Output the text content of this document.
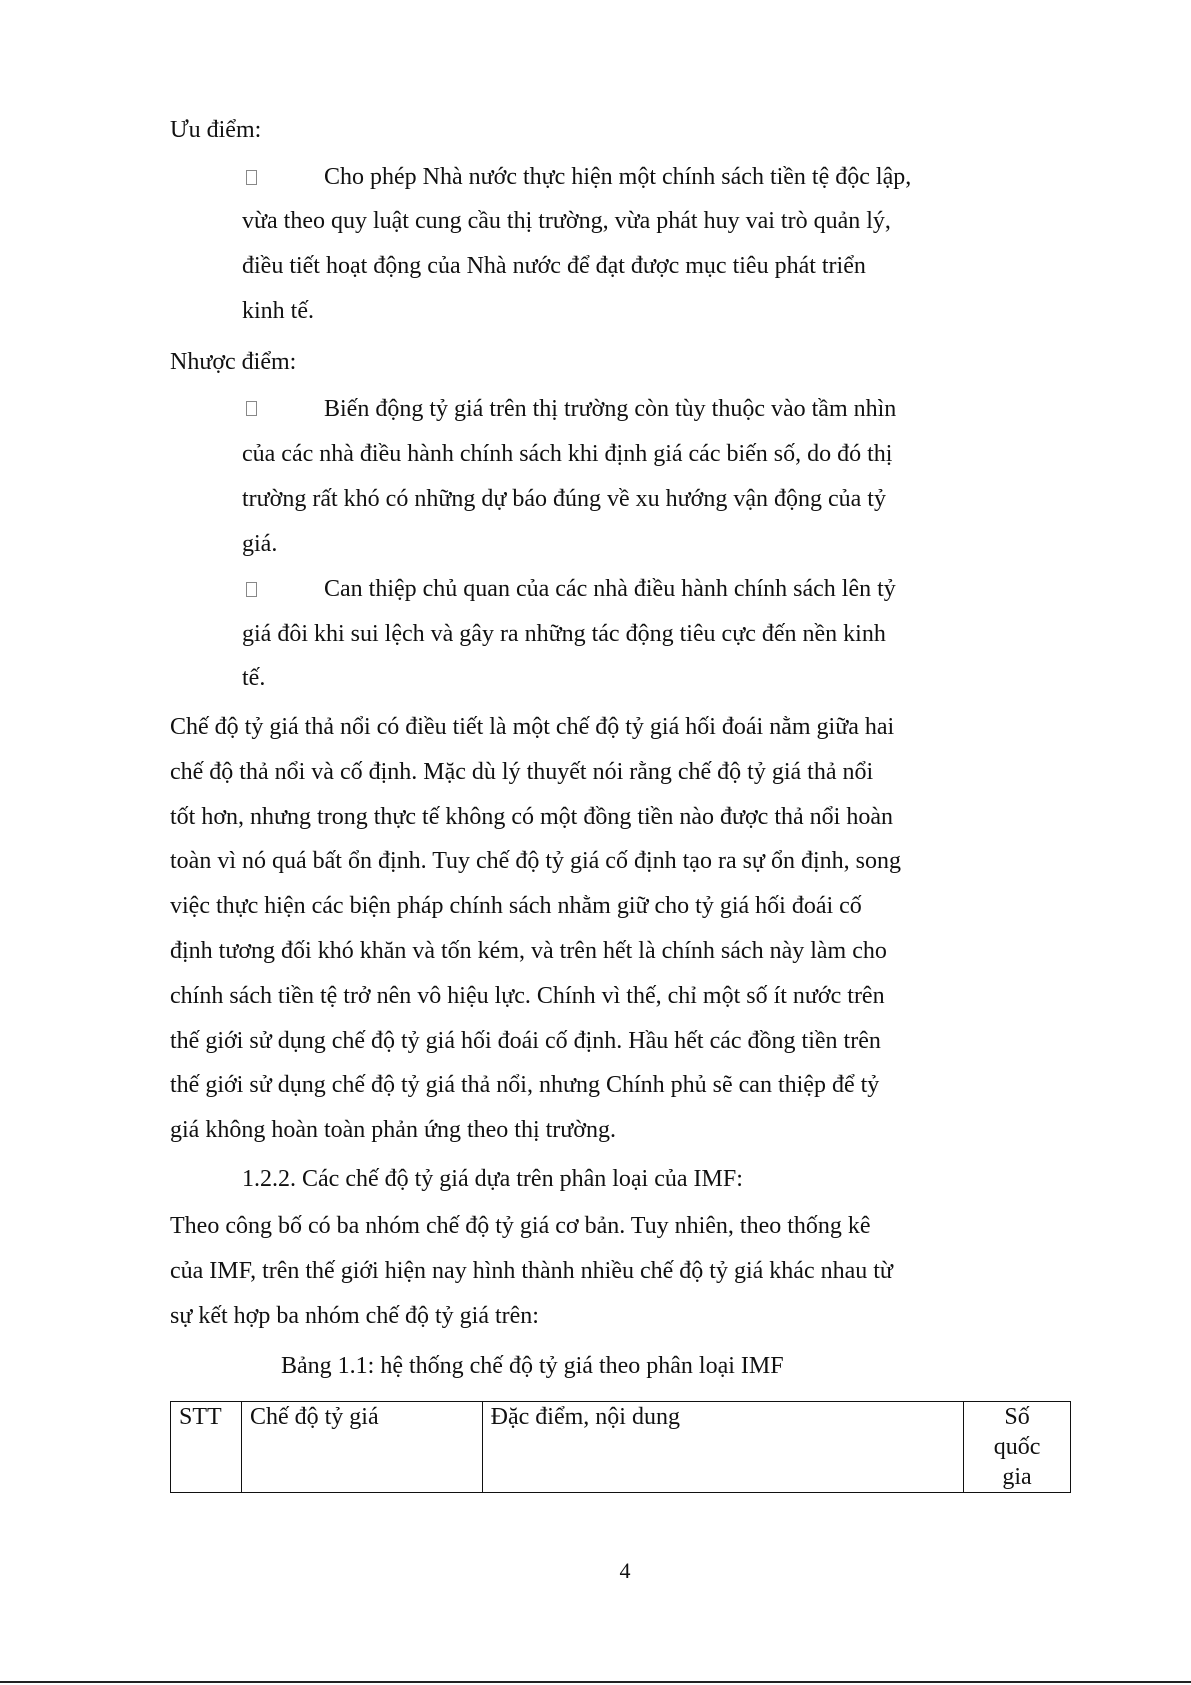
Ưu điểm:
Cho phép Nhà nước thực hiện một chính sách tiền tệ độc lập,
vừa theo quy luật cung cầu thị trường, vừa phát huy vai trò quản lý,
điều tiết hoạt động của Nhà nước để đạt được mục tiêu phát triển
kinh tế.
Nhược điểm:
Biến động tỷ giá trên thị trường còn tùy thuộc vào tầm nhìn
của các nhà điều hành chính sách khi định giá các biến số, do đó thị
trường rất khó có những dự báo đúng về xu hướng vận động của tỷ
giá.
Can thiệp chủ quan của các nhà điều hành chính sách lên tỷ
giá đôi khi sui lệch và gây ra những tác động tiêu cực đến nền kinh
tế.
Chế độ tỷ giá thả nổi có điều tiết là một chế độ tỷ giá hối đoái nằm giữa hai
chế độ thả nổi và cố định. Mặc dù lý thuyết nói rằng chế độ tỷ giá thả nổi
tốt hơn, nhưng trong thực tế không có một đồng tiền nào được thả nổi hoàn
toàn vì nó quá bất ổn định. Tuy chế độ tỷ giá cố định tạo ra sự ổn định, song
việc thực hiện các biện pháp chính sách nhằm giữ cho tỷ giá hối đoái cố
định tương đối khó khăn và tốn kém, và trên hết là chính sách này làm cho
chính sách tiền tệ trở nên vô hiệu lực. Chính vì thế, chỉ một số ít nước trên
thế giới sử dụng chế độ tỷ giá hối đoái cố định. Hầu hết các đồng tiền trên
thế giới sử dụng chế độ tỷ giá thả nổi, nhưng Chính phủ sẽ can thiệp để tỷ
giá không hoàn toàn phản ứng theo thị trường.
1.2.2. Các chế độ tỷ giá dựa trên phân loại của IMF:
Theo công bố có ba nhóm chế độ tỷ giá cơ bản. Tuy nhiên, theo thống kê
của IMF, trên thế giới hiện nay hình thành nhiều chế độ tỷ giá khác nhau từ
sự kết hợp ba nhóm chế độ tỷ giá trên:
Bảng 1.1: hệ thống chế độ tỷ giá theo phân loại IMF
STT	Chế độ tỷ giá	Đặc điểm, nội dung	Số
quốc
gia
4
